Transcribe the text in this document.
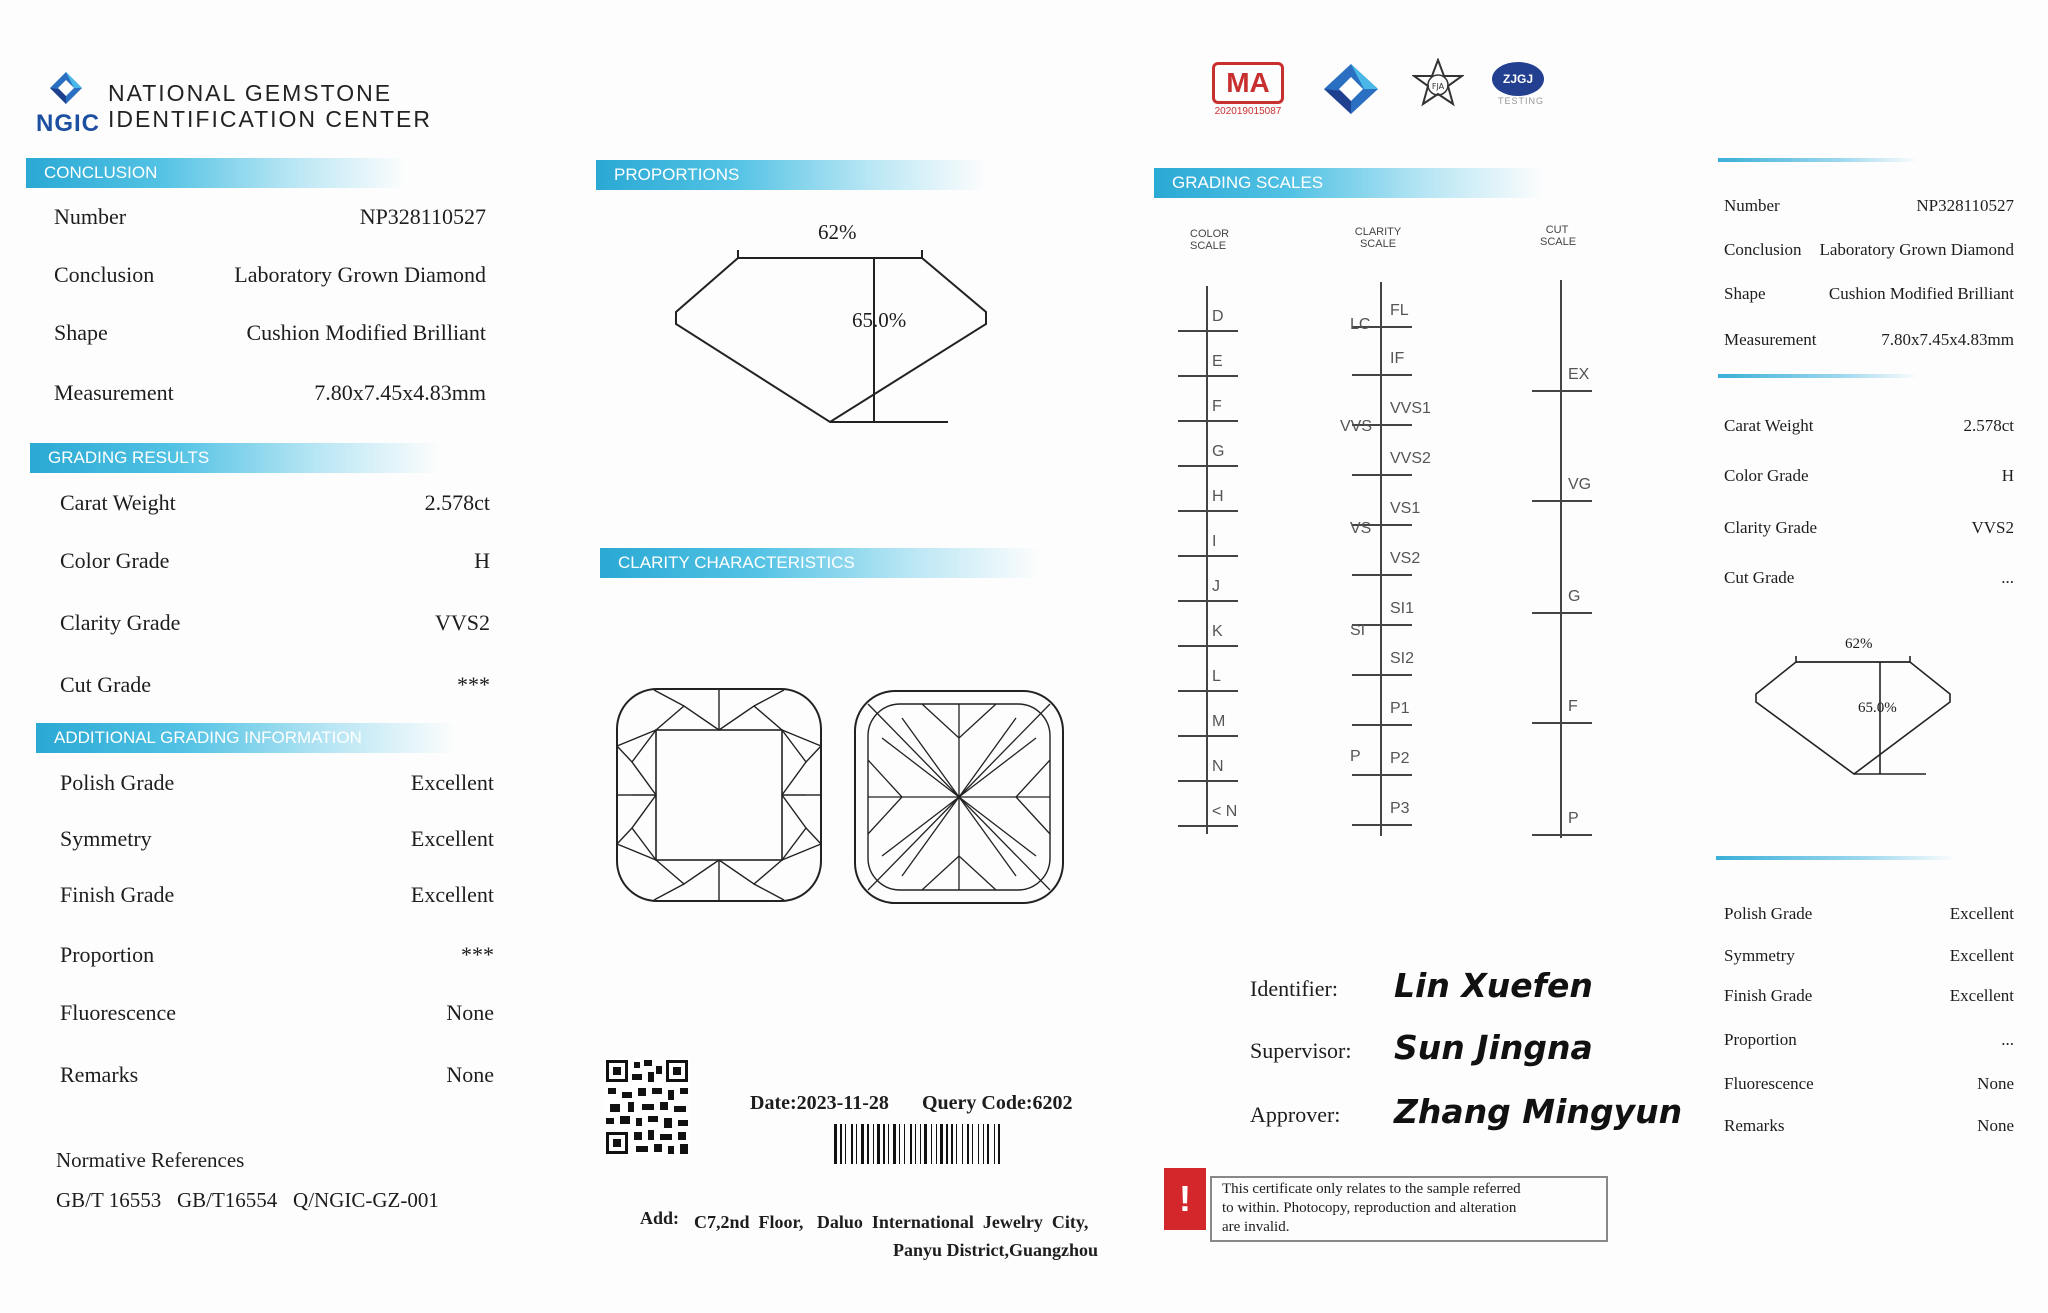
NGIC
NATIONAL GEMSTONE
IDENTIFICATION CENTER
CONCLUSION
Number	NP328110527
Conclusion	Laboratory Grown Diamond
Shape	Cushion Modified Brilliant
Measurement	7.80x7.45x4.83mm
GRADING RESULTS
Carat Weight	2.578ct
Color Grade	H
Clarity Grade	VVS2
Cut Grade	***
ADDITIONAL GRADING INFORMATION
Polish Grade	Excellent
Symmetry	Excellent
Finish Grade	Excellent
Proportion	***
Fluorescence	None
Remarks	None
Normative References
GB/T 16553   GB/T16554   Q/NGIC-GZ-001
PROPORTIONS
62%
65.0%
CLARITY CHARACTERISTICS
Date:2023-11-28 Query Code:6202
Add: C7,2nd  Floor,   Daluo  International  Jewelry  City,
Panyu District,Guangzhou
MA
202019015087
FJA
ZJGJ
TESTING
GRADING SCALES
COLOR
SCALE
CLARITY
SCALE
CUT
SCALE
D
E
F
G
H
I
J
K
L
M
N
< N
FL
IF
VVS1
VVS2
VS1
VS2
SI1
SI2
P1
P2
P3
LC
VVS
VS
SI
P
EX
VG
G
F
P
Identifier: Lin Xuefen
Supervisor: Sun Jingna
Approver: Zhang Mingyun
!	This certificate only relates to the sample referred
to within. Photocopy, reproduction and alteration
are invalid.
Number	NP328110527
Conclusion Laboratory Grown Diamond
Shape	Cushion Modified Brilliant
Measurement	7.80x7.45x4.83mm
Carat Weight	2.578ct
Color Grade	H
Clarity Grade	VVS2
Cut Grade	...
62%
65.0%
Polish Grade	Excellent
Symmetry	Excellent
Finish Grade	Excellent
Proportion	...
Fluorescence	None
Remarks	None
